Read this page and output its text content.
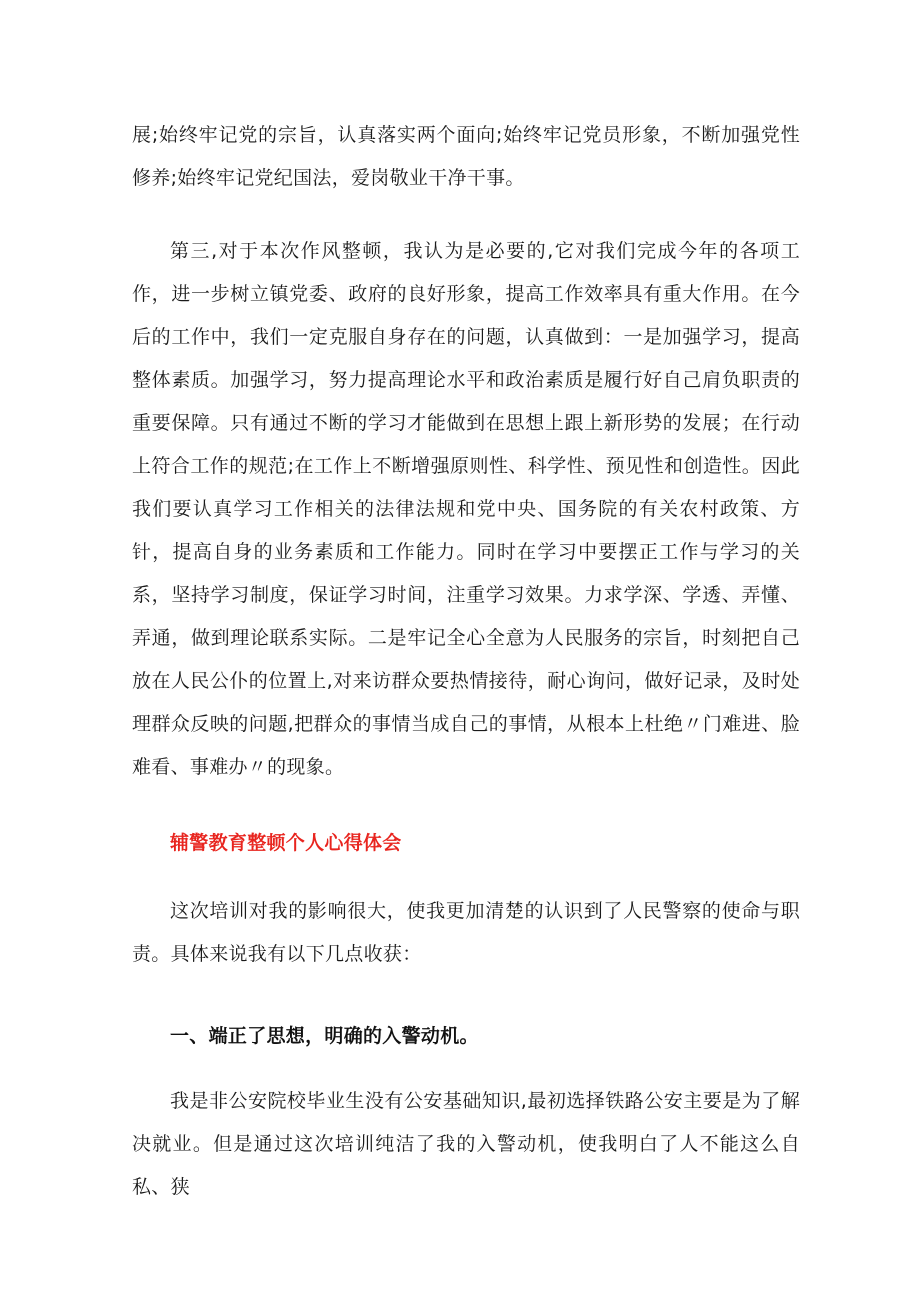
展;始终牢记党的宗旨，认真落实两个面向;始终牢记党员形象，不断加强党性修养;始终牢记党纪国法，爱岗敬业干净干事。

第三,对于本次作风整顿，我认为是必要的,它对我们完成今年的各项工作，进一步树立镇党委、政府的良好形象，提高工作效率具有重大作用。在今后的工作中，我们一定克服自身存在的问题，认真做到：一是加强学习，提高整体素质。加强学习，努力提高理论水平和政治素质是履行好自己肩负职责的重要保障。只有通过不断的学习才能做到在思想上跟上新形势的发展；在行动上符合工作的规范;在工作上不断增强原则性、科学性、预见性和创造性。因此我们要认真学习工作相关的法律法规和党中央、国务院的有关农村政策、方针，提高自身的业务素质和工作能力。同时在学习中要摆正工作与学习的关系，坚持学习制度，保证学习时间，注重学习效果。力求学深、学透、弄懂、弄通，做到理论联系实际。二是牢记全心全意为人民服务的宗旨，时刻把自己放在人民公仆的位置上,对来访群众要热情接待，耐心询问，做好记录，及时处理群众反映的问题,把群众的事情当成自己的事情，从根本上杜绝〃门难进、脸难看、事难办〃的现象。

辅警教育整顿个人心得体会

这次培训对我的影响很大，使我更加清楚的认识到了人民警察的使命与职责。具体来说我有以下几点收获：

一、端正了思想，明确的入警动机。

我是非公安院校毕业生没有公安基础知识,最初选择铁路公安主要是为了解决就业。但是通过这次培训纯洁了我的入警动机，使我明白了人不能这么自私、狭
